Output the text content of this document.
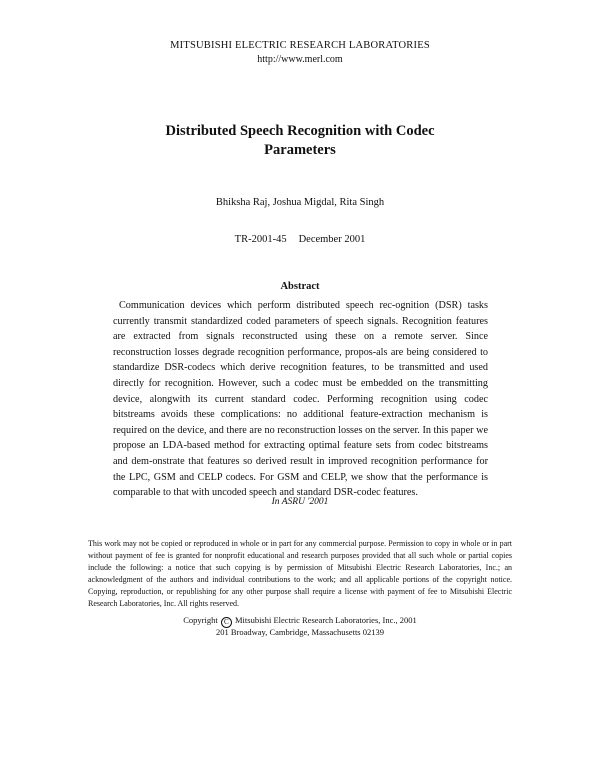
MITSUBISHI ELECTRIC RESEARCH LABORATORIES
http://www.merl.com
Distributed Speech Recognition with Codec
Parameters
Bhiksha Raj, Joshua Migdal, Rita Singh
TR-2001-45 December 2001
Abstract

Communication devices which perform distributed speech rec-ognition (DSR) tasks currently transmit standardized coded parameters of speech signals. Recognition features are extracted from signals reconstructed using these on a remote server. Since reconstruction losses degrade recognition performance, propos-als are being considered to standardize DSR-codecs which derive recognition features, to be transmitted and used directly for recognition. However, such a codec must be embedded on the transmitting device, alongwith its current standard codec. Performing recognition using codec bitstreams avoids these complications: no additional feature-extraction mechanism is required on the device, and there are no reconstruction losses on the server. In this paper we propose an LDA-based method for extracting optimal feature sets from codec bitstreams and dem-onstrate that features so derived result in improved recognition performance for the LPC, GSM and CELP codecs. For GSM and CELP, we show that the performance is comparable to that with uncoded speech and standard DSR-codec features.

In ASRU '2001

This work may not be copied or reproduced in whole or in part for any commercial purpose. Permission to copy in whole or in part without payment of fee is granted for nonprofit educational and research purposes provided that all such whole or partial copies include the following: a notice that such copying is by permission of Mitsubishi Electric Research Laboratories, Inc.; an acknowledgment of the authors and individual contributions to the work; and all applicable portions of the copyright notice. Copying, reproduction, or republishing for any other purpose shall require a license with payment of fee to Mitsubishi Electric Research Laboratories, Inc. All rights reserved.

Copyright C Mitsubishi Electric Research Laboratories, Inc., 2001
201 Broadway, Cambridge, Massachusetts 02139
